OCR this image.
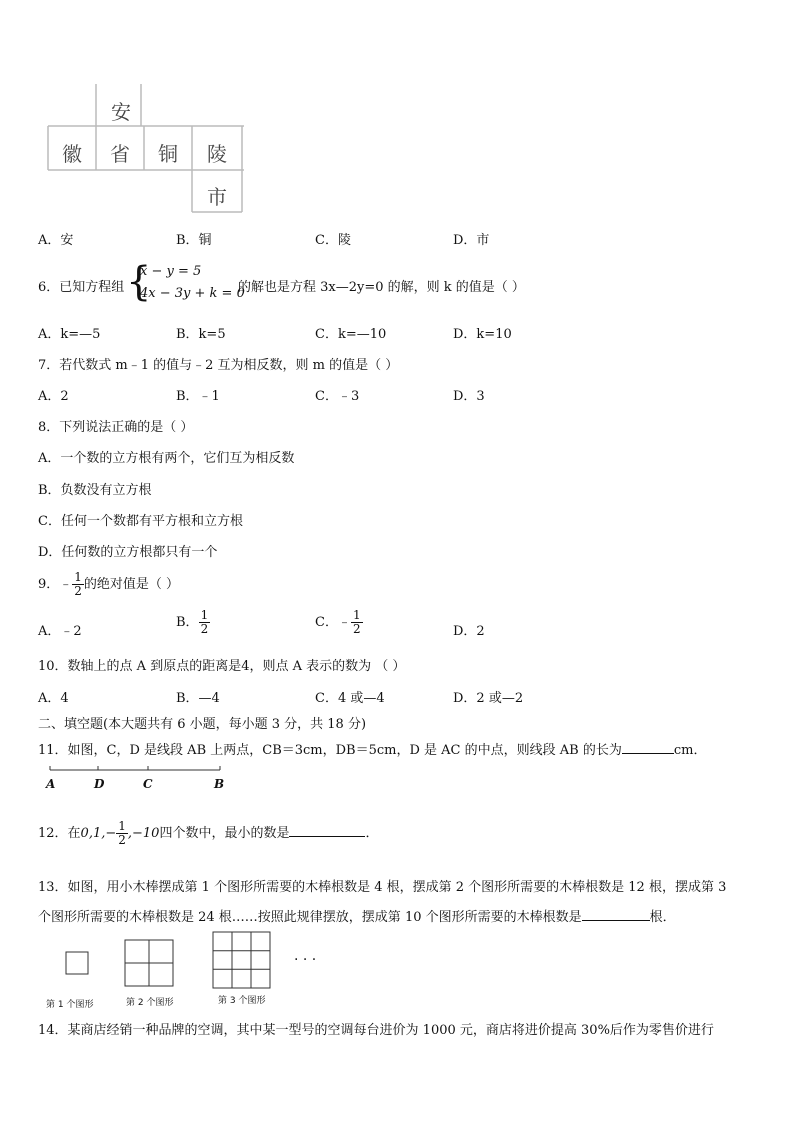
安
徽	省	铜	陵
市
A．安	B．铜	C．陵	D．市
6．已知方程组 {
x − y = 5
4x − 3y + k = 0
的解也是方程 3x—2y=0 的解，则 k 的值是（ ）
A．k=—5	B．k=5	C．k=—10	D．k=10
7．若代数式 m﹣1 的值与﹣2 互为相反数，则 m 的值是（ ）
A．2	B．﹣1	C．﹣3	D．3
8．下列说法正确的是（ ）
A．一个数的立方根有两个，它们互为相反数
B．负数没有立方根
C．任何一个数都有平方根和立方根
D．任何数的立方根都只有一个
9．﹣ $\frac{1}{2}$ 的绝对值是（ ）
A．﹣2
B． $\frac{1}{2}$	C．﹣ $\frac{1}{2}$	D．2
10．数轴上的点 A 到原点的距离是4，则点 A 表示的数为 （ ）
A．4	B．—4	C．4 或—4	D．2 或—2
二、填空题(本大题共有 6 小题，每小题 3 分，共 18 分)
11．如图，C，D 是线段 AB 上两点，CB＝3cm，DB＝5cm，D 是 AC 的中点，则线段 AB 的长为	cm．
A	D	C	B
12．在$0,1,- \frac{1}{2} ,-10$四个数中，最小的数是	．
13．如图，用小木棒摆成第 1 个图形所需要的木棒根数是 4 根，摆成第 2 个图形所需要的木棒根数是 12 根，摆成第 3
个图形所需要的木棒根数是 24 根……按照此规律摆放，摆成第 10 个图形所需要的木棒根数是	根．
· · ·
第 1 个图形	第 2 个图形	第 3 个图形
14．某商店经销一种品牌的空调，其中某一型号的空调每台进价为 1000 元，商店将进价提高 30%后作为零售价进行
